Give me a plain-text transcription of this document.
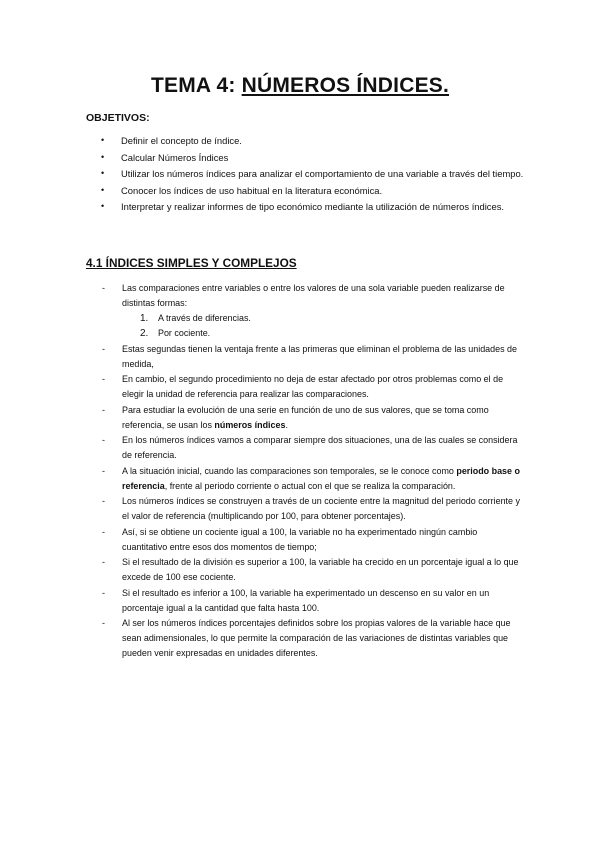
TEMA 4: NÚMEROS ÍNDICES.
OBJETIVOS:
• Definir el concepto de índice.
• Calcular Números Índices
• Utilizar los números índices para analizar el comportamiento de una variable a través del tiempo.
• Conocer los índices de uso habitual en la literatura económica.
• Interpretar y realizar informes de tipo económico mediante la utilización de números índices.
4.1 ÍNDICES SIMPLES Y COMPLEJOS
- Las comparaciones entre variables o entre los valores de una sola variable pueden realizarse de distintas formas:
1. A través de diferencias.
2. Por cociente.
- Estas segundas tienen la ventaja frente a las primeras que eliminan el problema de las unidades de medida,
- En cambio, el segundo procedimiento no deja de estar afectado por otros problemas como el de elegir la unidad de referencia para realizar las comparaciones.
- Para estudiar la evolución de una serie en función de uno de sus valores, que se toma como referencia, se usan los números índices.
- En los números índices vamos a comparar siempre dos situaciones, una de las cuales se considera de referencia.
- A la situación inicial, cuando las comparaciones son temporales, se le conoce como periodo base o referencia, frente al periodo corriente o actual con el que se realiza la comparación.
- Los números índices se construyen a través de un cociente entre la magnitud del periodo corriente y el valor de referencia (multiplicando por 100, para obtener porcentajes).
- Así, si se obtiene un cociente igual a 100, la variable no ha experimentado ningún cambio cuantitativo entre esos dos momentos de tiempo;
- Si el resultado de la división es superior a 100, la variable ha crecido en un porcentaje igual a lo que excede de 100 ese cociente.
- Si el resultado es inferior a 100, la variable ha experimentado un descenso en su valor en un porcentaje igual a la cantidad que falta hasta 100.
- Al ser los números índices porcentajes definidos sobre los propias valores de la variable hace que sean adimensionales, lo que permite la comparación de las variaciones de distintas variables que pueden venir expresadas en unidades diferentes.
